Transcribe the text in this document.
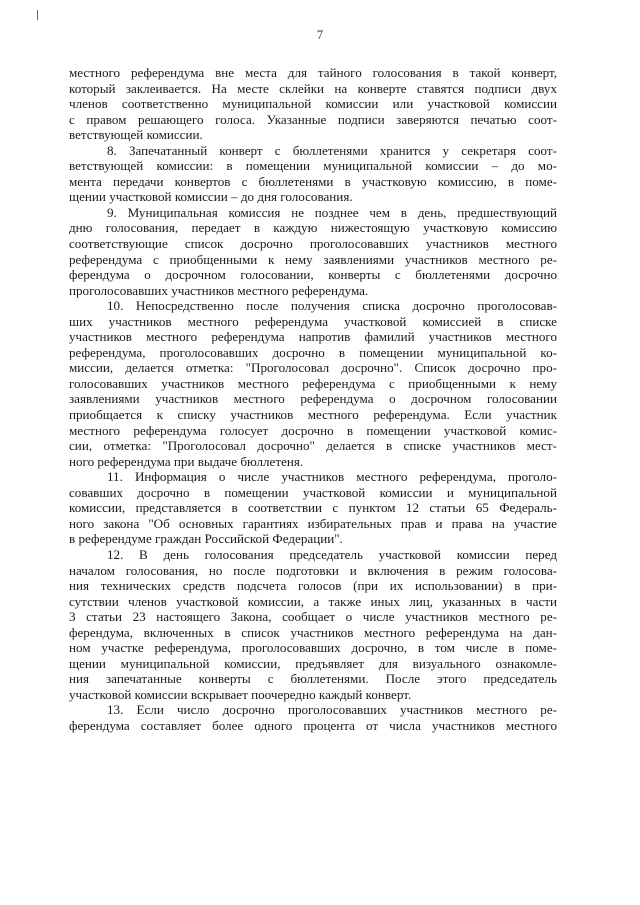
7

местного референдума вне места для тайного голосования в такой конверт,
который заклеивается. На месте склейки на конверте ставятся подписи двух
членов соответственно муниципальной комиссии или участковой комиссии
с правом решающего голоса. Указанные подписи заверяются печатью соот-
ветствующей комиссии.

8. Запечатанный конверт с бюллетенями хранится у секретаря соот-
ветствующей комиссии: в помещении муниципальной комиссии – до мо-
мента передачи конвертов с бюллетенями в участковую комиссию, в поме-
щении участковой комиссии – до дня голосования.

9. Муниципальная комиссия не позднее чем в день, предшествующий
дню голосования, передает в каждую нижестоящую участковую комиссию
соответствующие список досрочно проголосовавших участников местного
референдума с приобщенными к нему заявлениями участников местного ре-
ферендума о досрочном голосовании, конверты с бюллетенями досрочно
проголосовавших участников местного референдума.

10. Непосредственно после получения списка досрочно проголосовав-
ших участников местного референдума участковой комиссией в списке
участников местного референдума напротив фамилий участников местного
референдума, проголосовавших досрочно в помещении муниципальной ко-
миссии, делается отметка: "Проголосовал досрочно". Список досрочно про-
голосовавших участников местного референдума с приобщенными к нему
заявлениями участников местного референдума о досрочном голосовании
приобщается к списку участников местного референдума. Если участник
местного референдума голосует досрочно в помещении участковой комис-
сии, отметка: "Проголосовал досрочно" делается в списке участников мест-
ного референдума при выдаче бюллетеня.

11. Информация о числе участников местного референдума, проголо-
совавших досрочно в помещении участковой комиссии и муниципальной
комиссии, представляется в соответствии с пунктом 12 статьи 65 Федераль-
ного закона "Об основных гарантиях избирательных прав и права на участие
в референдуме граждан Российской Федерации".

12. В день голосования председатель участковой комиссии перед
началом голосования, но после подготовки и включения в режим голосова-
ния технических средств подсчета голосов (при их использовании) в при-
сутствии членов участковой комиссии, а также иных лиц, указанных в части
3 статьи 23 настоящего Закона, сообщает о числе участников местного ре-
ферендума, включенных в список участников местного референдума на дан-
ном участке референдума, проголосовавших досрочно, в том числе в поме-
щении муниципальной комиссии, предъявляет для визуального ознакомле-
ния запечатанные конверты с бюллетенями. После этого председатель
участковой комиссии вскрывает поочередно каждый конверт.

13. Если число досрочно проголосовавших участников местного ре-
ферендума составляет более одного процента от числа участников местного
